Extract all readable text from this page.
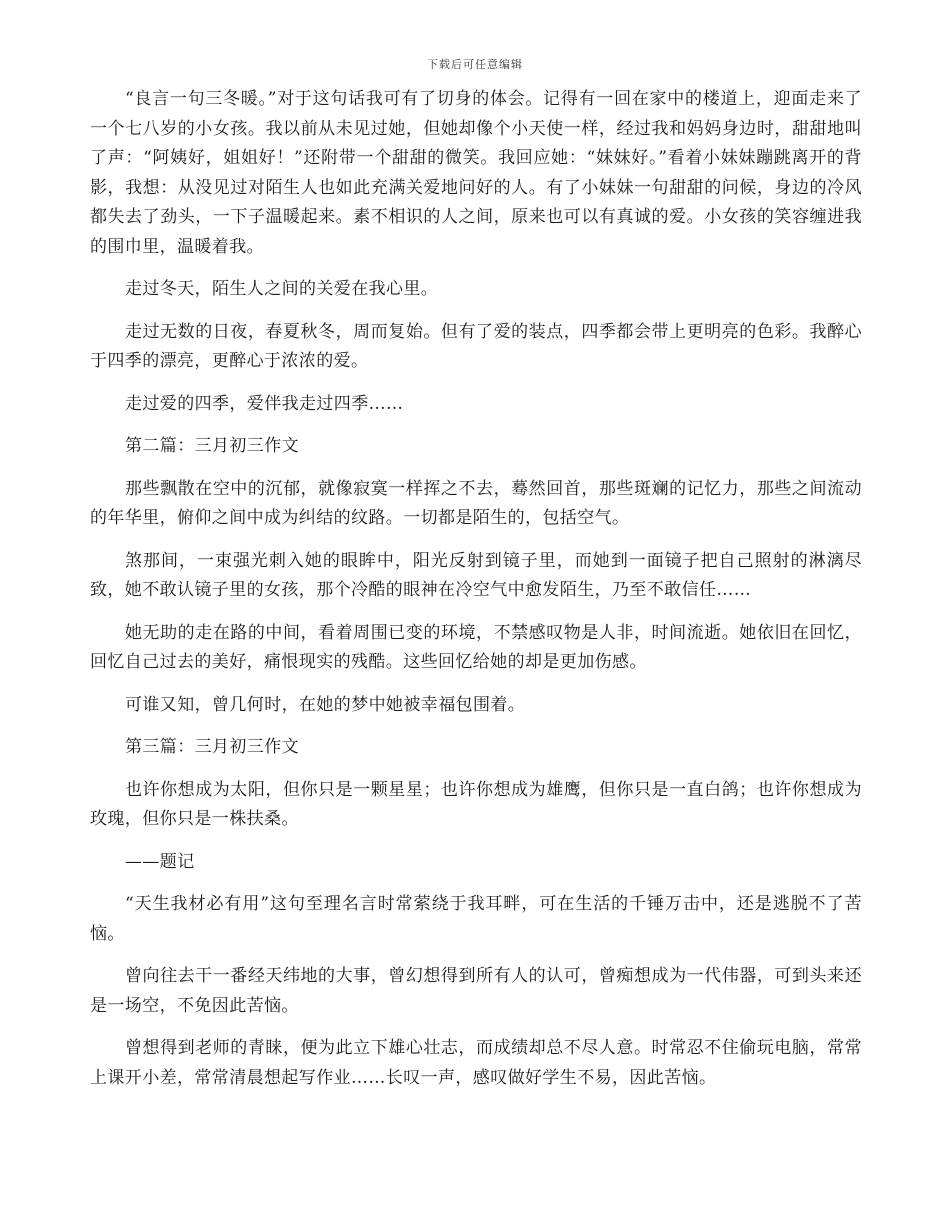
下载后可任意编辑

“良言一句三冬暖。”对于这句话我可有了切身的体会。记得有一回在家中的楼道上，迎面走来了一个七八岁的小女孩。我以前从未见过她，但她却像个小天使一样，经过我和妈妈身边时，甜甜地叫了声：“阿姨好，姐姐好！”还附带一个甜甜的微笑。我回应她：“妹妹好。”看着小妹妹蹦跳离开的背影，我想：从没见过对陌生人也如此充满关爱地问好的人。有了小妹妹一句甜甜的问候，身边的冷风都失去了劲头，一下子温暖起来。素不相识的人之间，原来也可以有真诚的爱。小女孩的笑容缠进我的围巾里，温暖着我。

走过冬天，陌生人之间的关爱在我心里。

走过无数的日夜，春夏秋冬，周而复始。但有了爱的装点，四季都会带上更明亮的色彩。我醉心于四季的漂亮，更醉心于浓浓的爱。

走过爱的四季，爱伴我走过四季……

第二篇：三月初三作文

那些飘散在空中的沉郁，就像寂寞一样挥之不去，蓦然回首，那些斑斓的记忆力，那些之间流动的年华里，俯仰之间中成为纠结的纹路。一切都是陌生的，包括空气。

煞那间，一束强光刺入她的眼眸中，阳光反射到镜子里，而她到一面镜子把自己照射的淋漓尽致，她不敢认镜子里的女孩，那个冷酷的眼神在冷空气中愈发陌生，乃至不敢信任……

她无助的走在路的中间，看着周围已变的环境，不禁感叹物是人非，时间流逝。她依旧在回忆，回忆自己过去的美好，痛恨现实的残酷。这些回忆给她的却是更加伤感。

可谁又知，曾几何时，在她的梦中她被幸福包围着。

第三篇：三月初三作文

也许你想成为太阳，但你只是一颗星星；也许你想成为雄鹰，但你只是一直白鸽；也许你想成为玫瑰，但你只是一株扶桑。

——题记

“天生我材必有用”这句至理名言时常萦绕于我耳畔，可在生活的千锤万击中，还是逃脱不了苦恼。

曾向往去干一番经天纬地的大事，曾幻想得到所有人的认可，曾痴想成为一代伟器，可到头来还是一场空，不免因此苦恼。

曾想得到老师的青睐，便为此立下雄心壮志，而成绩却总不尽人意。时常忍不住偷玩电脑，常常上课开小差，常常清晨想起写作业……长叹一声，感叹做好学生不易，因此苦恼。
